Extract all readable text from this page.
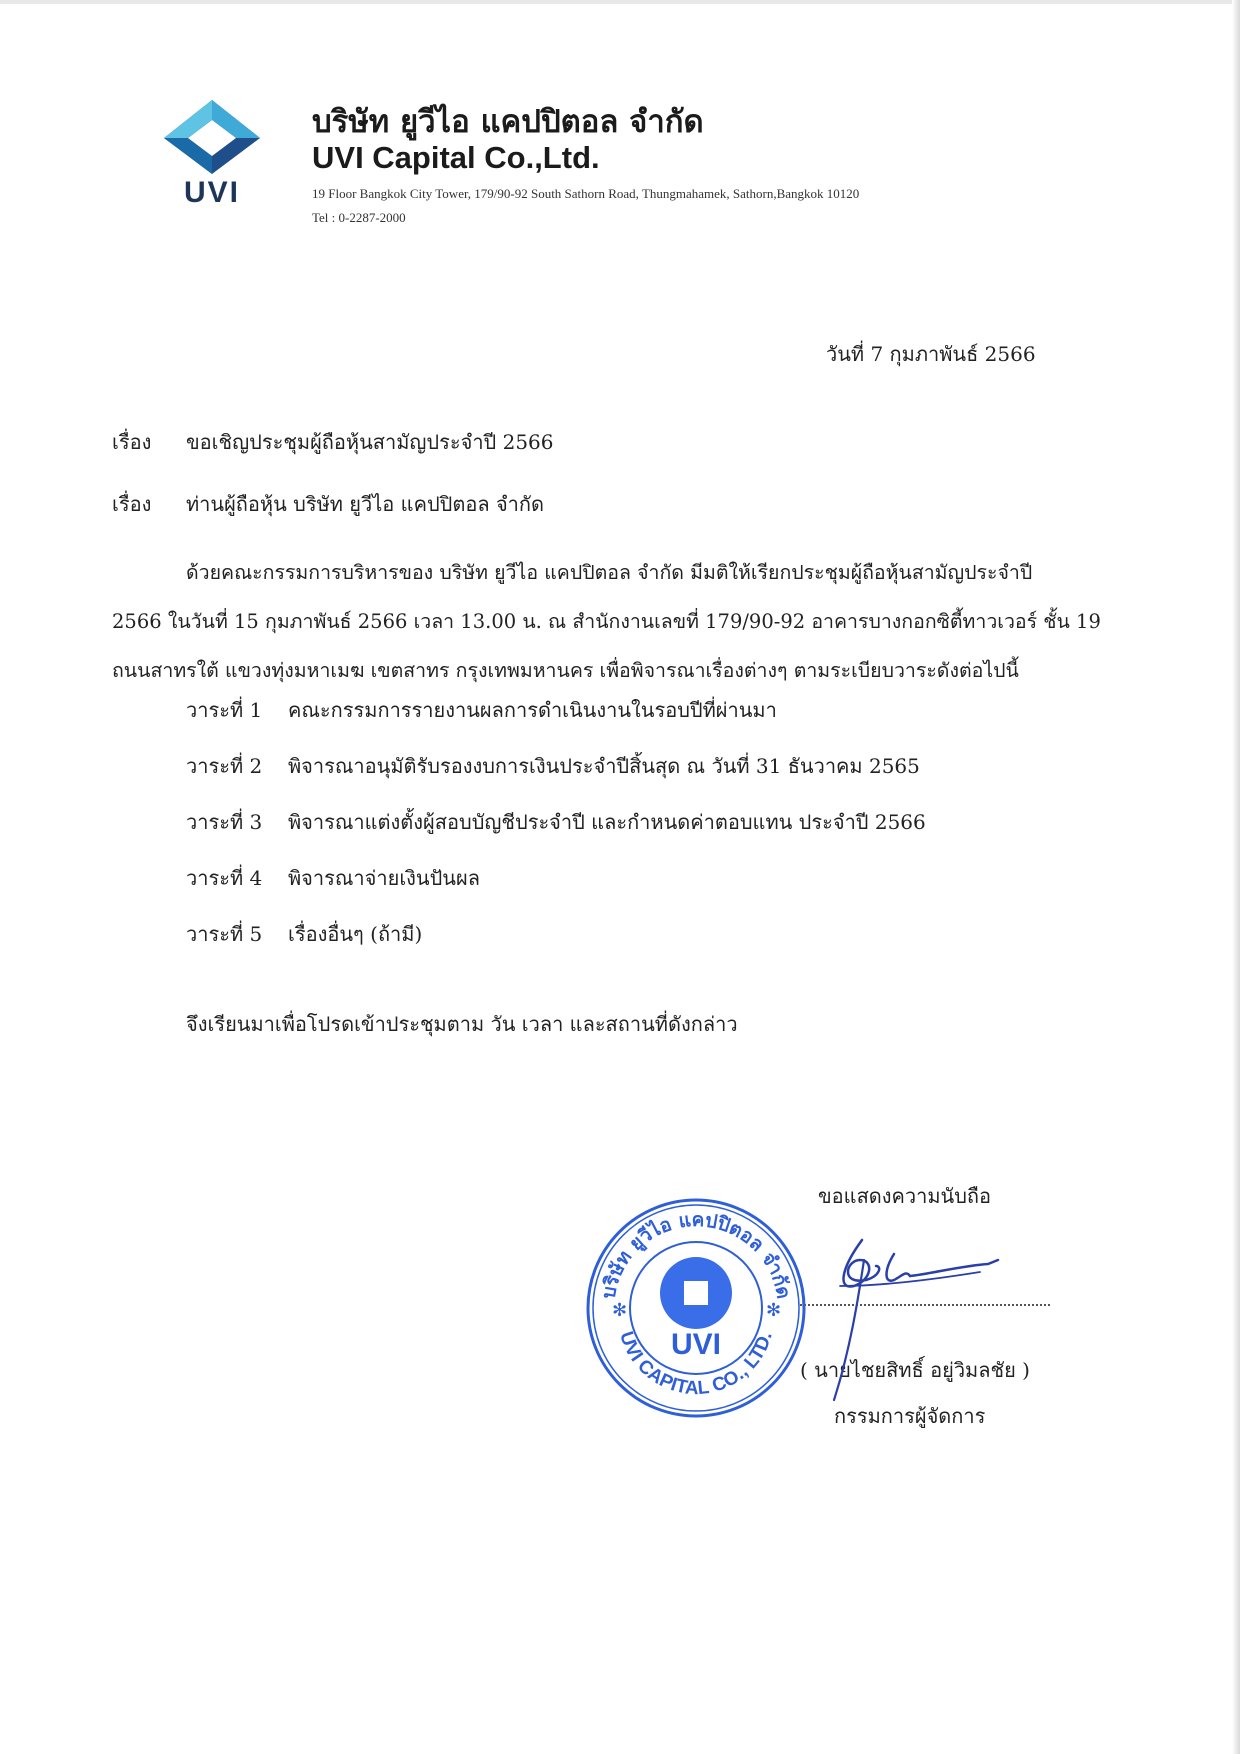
UVI
บริษัท ยูวีไอ แคปปิตอล จำกัด
UVI Capital Co.,Ltd.
19 Floor Bangkok City Tower, 179/90-92 South Sathorn Road, Thungmahamek, Sathorn,Bangkok 10120
Tel : 0-2287-2000
วันที่ 7 กุมภาพันธ์ 2566
เรื่อง ขอเชิญประชุมผู้ถือหุ้นสามัญประจำปี 2566
เรื่อง ท่านผู้ถือหุ้น บริษัท ยูวีไอ แคปปิตอล จำกัด
ด้วยคณะกรรมการบริหารของ บริษัท ยูวีไอ แคปปิตอล จำกัด มีมติให้เรียกประชุมผู้ถือหุ้นสามัญประจำปี
2566 ในวันที่ 15 กุมภาพันธ์ 2566 เวลา 13.00 น. ณ สำนักงานเลขที่ 179/90-92 อาคารบางกอกซิตี้ทาวเวอร์ ชั้น 19
ถนนสาทรใต้ แขวงทุ่งมหาเมฆ เขตสาทร กรุงเทพมหานคร เพื่อพิจารณาเรื่องต่างๆ ตามระเบียบวาระดังต่อไปนี้
วาระที่ 1 คณะกรรมการรายงานผลการดำเนินงานในรอบปีที่ผ่านมา
วาระที่ 2 พิจารณาอนุมัติรับรองงบการเงินประจำปีสิ้นสุด ณ วันที่ 31 ธันวาคม 2565
วาระที่ 3 พิจารณาแต่งตั้งผู้สอบบัญชีประจำปี และกำหนดค่าตอบแทน ประจำปี 2566
วาระที่ 4 พิจารณาจ่ายเงินปันผล
วาระที่ 5 เรื่องอื่นๆ (ถ้ามี)
จึงเรียนมาเพื่อโปรดเข้าประชุมตาม วัน เวลา และสถานที่ดังกล่าว
ขอแสดงความนับถือ
( นายไชยสิทธิ์ อยู่วิมลชัย )
กรรมการผู้จัดการ
บริษัท ยูวีไอ แคปปิตอล จำกัด
UVI CAPITAL CO., LTD.
✻	✻
UVI
